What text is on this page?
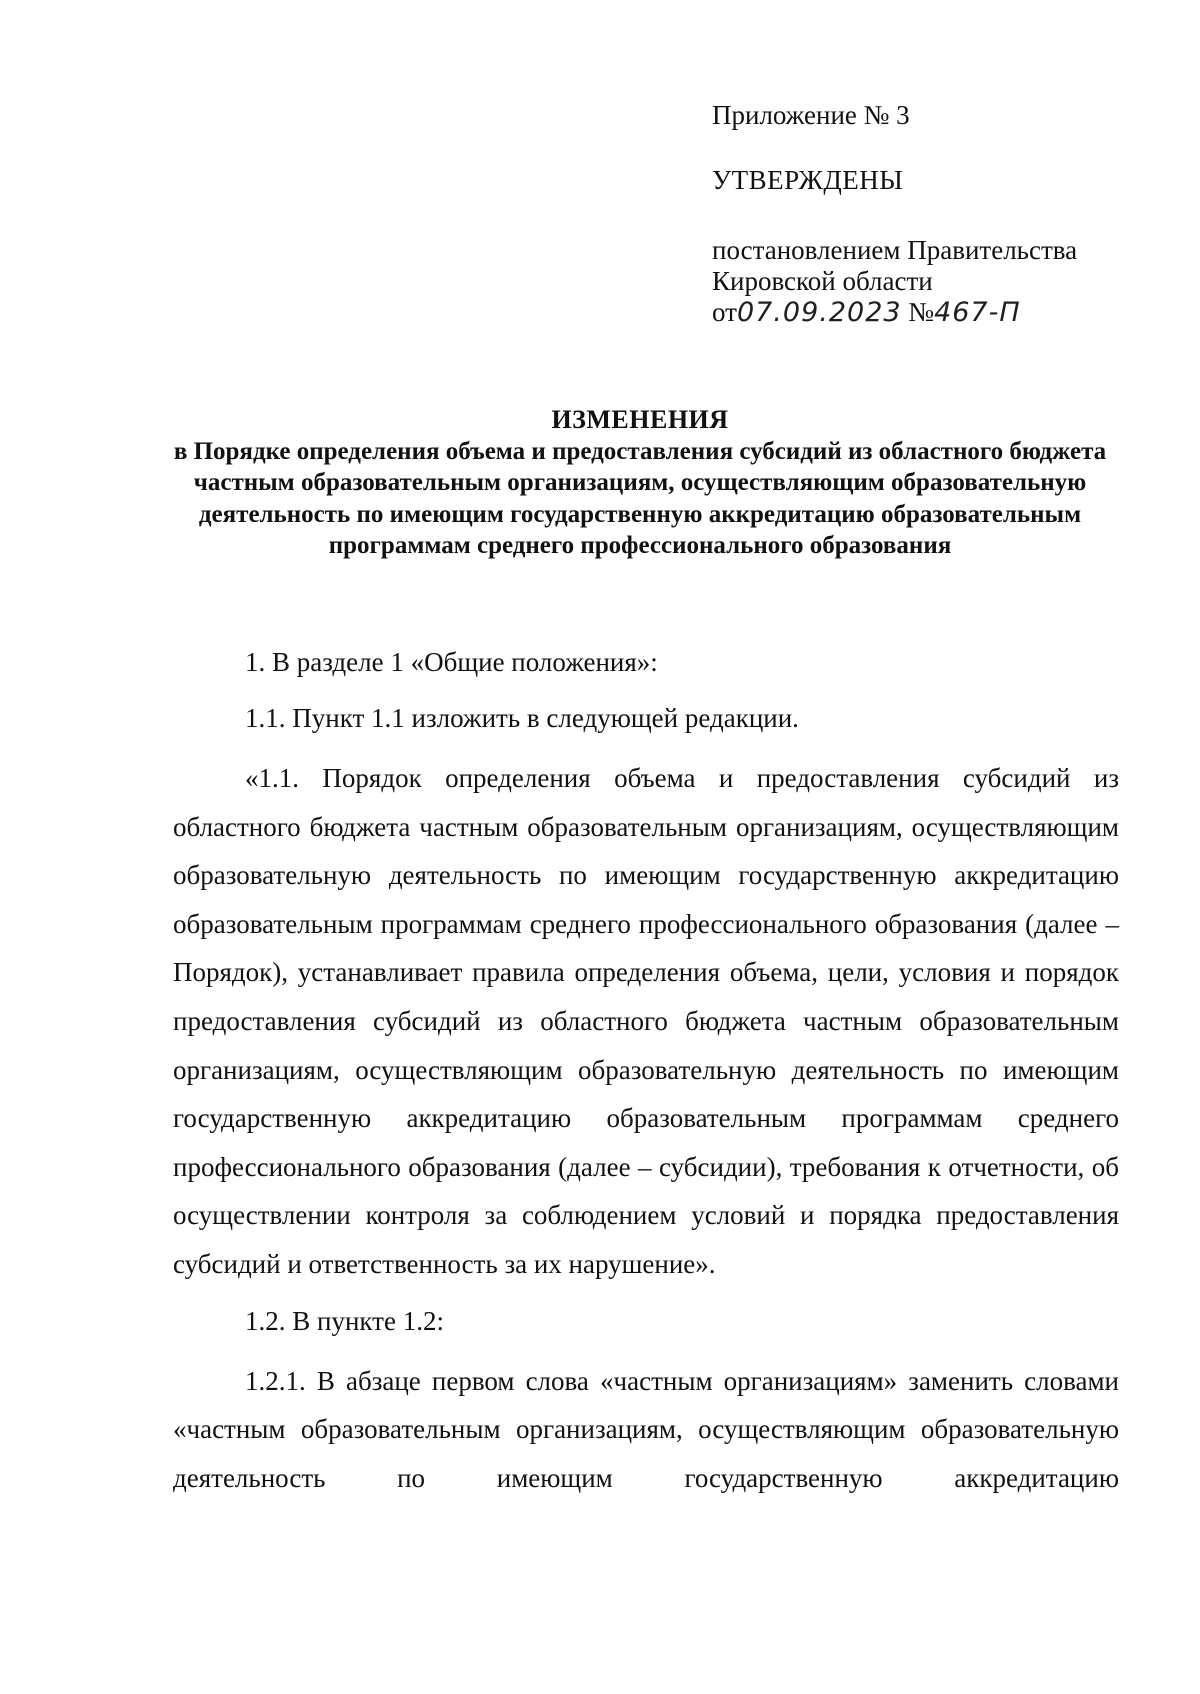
Приложение № 3

УТВЕРЖДЕНЫ

постановлением Правительства

Кировской области

от07.09.2023 №467-П

ИЗМЕНЕНИЯ

в Порядке определения объема и предоставления субсидий из областного бюджета частным образовательным организациям, осуществляющим образовательную деятельность по имеющим государственную аккредитацию образовательным программам среднего профессионального образования

1. В разделе 1 «Общие положения»:

1.1. Пункт 1.1 изложить в следующей редакции.

«1.1. Порядок определения объема и предоставления субсидий из областного бюджета частным образовательным организациям, осуществляющим образовательную деятельность по имеющим государственную аккредитацию образовательным программам среднего профессионального образования (далее – Порядок), устанавливает правила определения объема, цели, условия и порядок предоставления субсидий из областного бюджета частным образовательным организациям, осуществляющим образовательную деятельность по имеющим государственную аккредитацию образовательным программам среднего профессионального образования (далее – субсидии), требования к отчетности, об осуществлении контроля за соблюдением условий и порядка предоставления субсидий и ответственность за их нарушение».

1.2. В пункте 1.2:

1.2.1. В абзаце первом слова «частным организациям» заменить словами «частным образовательным организациям, осуществляющим образовательную деятельность по имеющим государственную аккредитацию
